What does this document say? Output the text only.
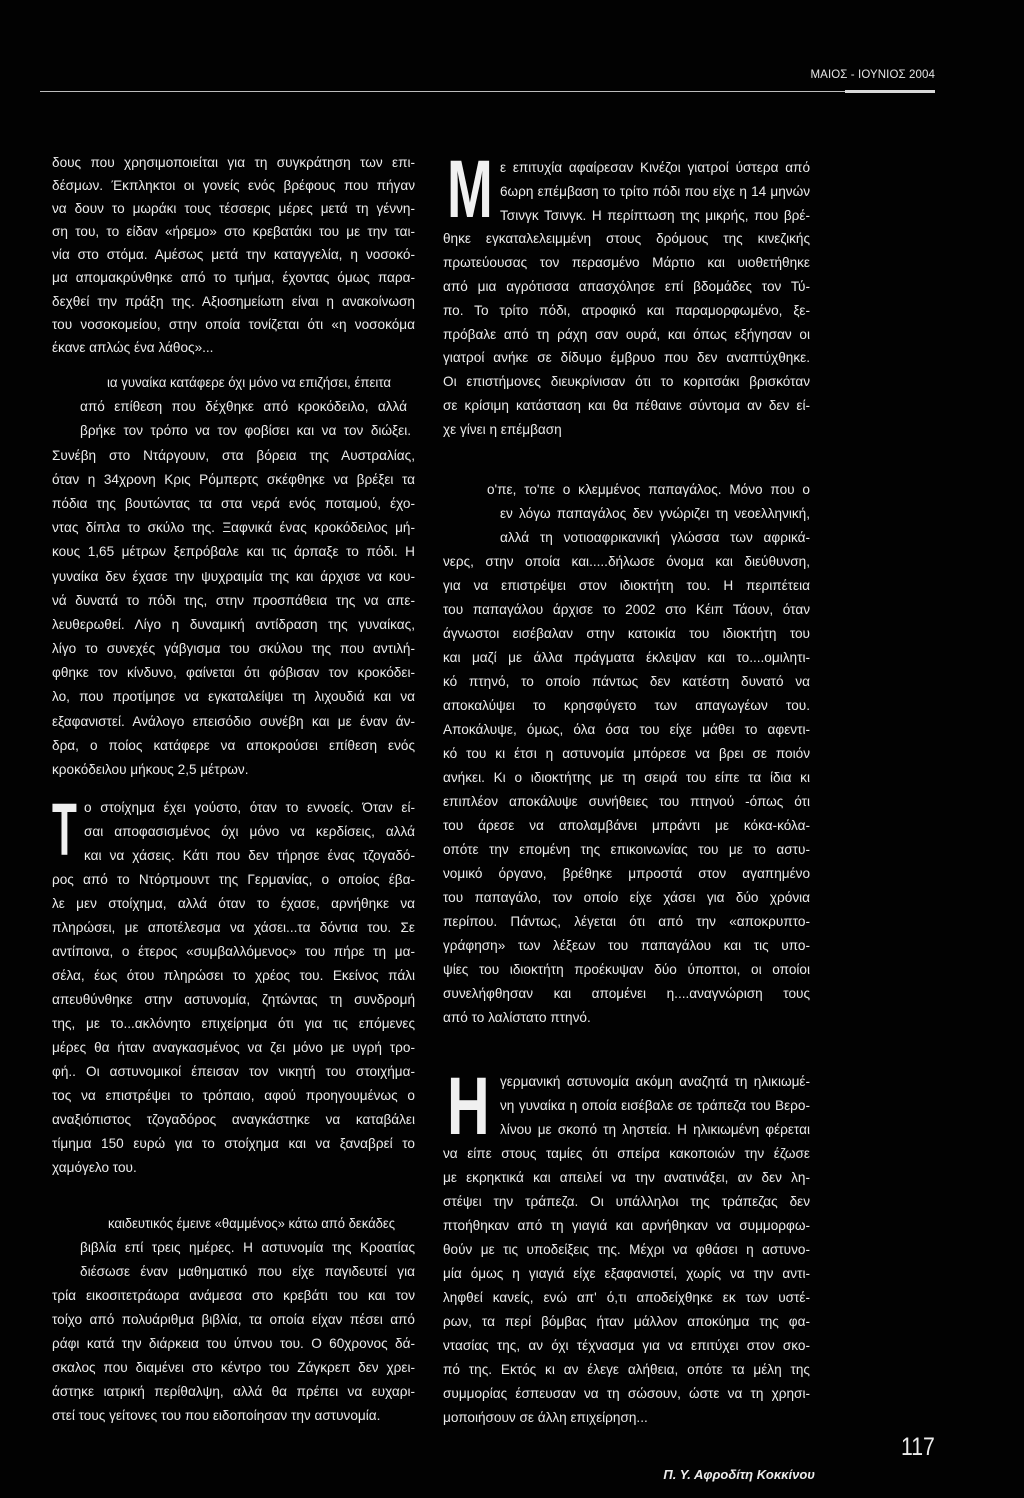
ΜΑΙΟΣ - ΙΟΥΝΙΟΣ 2004
δους που χρησιμοποιείται για τη συγκράτηση των επι-
δέσμων. Έκπληκτοι οι γονείς ενός βρέφους που πήγαν
να δουν το μωράκι τους τέσσερις μέρες μετά τη γέννη-
ση του, το είδαν «ήρεμο» στο κρεβατάκι του με την ται-
νία στο στόμα. Αμέσως μετά την καταγγελία, η νοσοκό-
μα απομακρύνθηκε από το τμήμα, έχοντας όμως παρα-
δεχθεί την πράξη της. Αξιοσημείωτη είναι η ανακοίνωση
του νοσοκομείου, στην οποία τονίζεται ότι «η νοσοκόμα
έκανε απλώς ένα λάθος»...
ια γυναίκα κατάφερε όχι μόνο να επιζήσει, έπειτα
από επίθεση που δέχθηκε από κροκόδειλο, αλλά
βρήκε τον τρόπο να τον φοβίσει και να τον διώξει.
Συνέβη στο Ντάργουιν, στα βόρεια της Αυστραλίας,
όταν η 34χρονη Κρις Ρόμπερτς σκέφθηκε να βρέξει τα
πόδια της βουτώντας τα στα νερά ενός ποταμού, έχο-
ντας δίπλα το σκύλο της. Ξαφνικά ένας κροκόδειλος μή-
κους 1,65 μέτρων ξεπρόβαλε και τις άρπαξε το πόδι. Η
γυναίκα δεν έχασε την ψυχραιμία της και άρχισε να κου-
νά δυνατά το πόδι της, στην προσπάθεια της να απε-
λευθερωθεί. Λίγο η δυναμική αντίδραση της γυναίκας,
λίγο το συνεχές γάβγισμα του σκύλου της που αντιλή-
φθηκε τον κίνδυνο, φαίνεται ότι φόβισαν τον κροκόδει-
λο, που προτίμησε να εγκαταλείψει τη λιχουδιά και να
εξαφανιστεί. Ανάλογο επεισόδιο συνέβη και με έναν άν-
δρα, ο ποίος κατάφερε να αποκρούσει επίθεση ενός
κροκόδειλου μήκους 2,5 μέτρων.
Τ ο στοίχημα έχει γούστο, όταν το εννοείς. Όταν εί-
σαι αποφασισμένος όχι μόνο να κερδίσεις, αλλά
και να χάσεις. Κάτι που δεν τήρησε ένας τζογαδό-
ρος από το Ντόρτμουντ της Γερμανίας, ο οποίος έβα-
λε μεν στοίχημα, αλλά όταν το έχασε, αρνήθηκε να
πληρώσει, με αποτέλεσμα να χάσει...τα δόντια του. Σε
αντίποινα, ο έτερος «συμβαλλόμενος» του πήρε τη μα-
σέλα, έως ότου πληρώσει το χρέος του. Εκείνος πάλι
απευθύνθηκε στην αστυνομία, ζητώντας τη συνδρομή
της, με το...ακλόνητο επιχείρημα ότι για τις επόμενες
μέρες θα ήταν αναγκασμένος να ζει μόνο με υγρή τρο-
φή.. Οι αστυνομικοί έπεισαν τον νικητή του στοιχήμα-
τος να επιστρέψει το τρόπαιο, αφού προηγουμένως ο
αναξιόπιστος τζογαδόρος αναγκάστηκε να καταβάλει
τίμημα 150 ευρώ για το στοίχημα και να ξαναβρεί το
χαμόγελο του.
καιδευτικός έμεινε «θαμμένος» κάτω από δεκάδες
βιβλία επί τρεις ημέρες. Η αστυνομία της Κροατίας
διέσωσε έναν μαθηματικό που είχε παγιδευτεί για
τρία εικοσιτετράωρα ανάμεσα στο κρεβάτι του και τον
τοίχο από πολυάριθμα βιβλία, τα οποία είχαν πέσει από
ράφι κατά την διάρκεια του ύπνου του. Ο 60χρονος δά-
σκαλος που διαμένει στο κέντρο του Ζάγκρεπ δεν χρει-
άστηκε ιατρική περίθαλψη, αλλά θα πρέπει να ευχαρι-
στεί τους γείτονες του που ειδοποίησαν την αστυνομία.
Μ ε επιτυχία αφαίρεσαν Κινέζοι γιατροί ύστερα από
6ωρη επέμβαση το τρίτο πόδι που είχε η 14 μηνών
Τσινγκ Τσινγκ. Η περίπτωση της μικρής, που βρέ-
θηκε εγκαταλελειμμένη στους δρόμους της κινεζικής
πρωτεύουσας τον περασμένο Μάρτιο και υιοθετήθηκε
από μια αγρότισσα απασχόλησε επί βδομάδες τον Τύ-
πο. Το τρίτο πόδι, ατροφικό και παραμορφωμένο, ξε-
πρόβαλε από τη ράχη σαν ουρά, και όπως εξήγησαν οι
γιατροί ανήκε σε δίδυμο έμβρυο που δεν αναπτύχθηκε.
Οι επιστήμονες διευκρίνισαν ότι το κοριτσάκι βρισκόταν
σε κρίσιμη κατάσταση και θα πέθαινε σύντομα αν δεν εί-
χε γίνει η επέμβαση
ο'πε, το'πε ο κλεμμένος παπαγάλος. Μόνο που ο
εν λόγω παπαγάλος δεν γνώριζει τη νεοελληνική,
αλλά τη νοτιοαφρικανική γλώσσα των αφρικά-
νερς, στην οποία και.....δήλωσε όνομα και διεύθυνση,
για να επιστρέψει στον ιδιοκτήτη του. Η περιπέτεια
του παπαγάλου άρχισε το 2002 στο Κέιπ Τάουν, όταν
άγνωστοι εισέβαλαν στην κατοικία του ιδιοκτήτη του
και μαζί με άλλα πράγματα έκλεψαν και το....ομιλητι-
κό πτηνό, το οποίο πάντως δεν κατέστη δυνατό να
αποκαλύψει το κρησφύγετο των απαγωγέων του.
Αποκάλυψε, όμως, όλα όσα του είχε μάθει το αφεντι-
κό του κι έτσι η αστυνομία μπόρεσε να βρει σε ποιόν
ανήκει. Κι ο ιδιοκτήτης με τη σειρά του είπε τα ίδια κι
επιπλέον αποκάλυψε συνήθειες του πτηνού -όπως ότι
του άρεσε να απολαμβάνει μπράντι με κόκα-κόλα-
οπότε την επομένη της επικοινωνίας του με το αστυ-
νομικό όργανο, βρέθηκε μπροστά στον αγαπημένο
του παπαγάλο, τον οποίο είχε χάσει για δύο χρόνια
περίπου. Πάντως, λέγεται ότι από την «αποκρυπτο-
γράφηση» των λέξεων του παπαγάλου και τις υπο-
ψίες του ιδιοκτήτη προέκυψαν δύο ύποπτοι, οι οποίοι
συνελήφθησαν και απομένει η....αναγνώριση τους
από το λαλίστατο πτηνό.
Η γερμανική αστυνομία ακόμη αναζητά τη ηλικιωμέ-
νη γυναίκα η οποία εισέβαλε σε τράπεζα του Βερο-
λίνου με σκοπό τη ληστεία. Η ηλικιωμένη φέρεται
να είπε στους ταμίες ότι σπείρα κακοποιών την έζωσε
με εκρηκτικά και απειλεί να την ανατινάξει, αν δεν λη-
στέψει την τράπεζα. Οι υπάλληλοι της τράπεζας δεν
πτοήθηκαν από τη γιαγιά και αρνήθηκαν να συμμορφω-
θούν με τις υποδείξεις της. Μέχρι να φθάσει η αστυνο-
μία όμως η γιαγιά είχε εξαφανιστεί, χωρίς να την αντι-
ληφθεί κανείς, ενώ απ' ό,τι αποδείχθηκε εκ των υστέ-
ρων, τα περί βόμβας ήταν μάλλον αποκύημα της φα-
ντασίας της, αν όχι τέχνασμα για να επιτύχει στον σκο-
πό της. Εκτός κι αν έλεγε αλήθεια, οπότε τα μέλη της
συμμορίας έσπευσαν να τη σώσουν, ώστε να τη χρησι-
μοποιήσουν σε άλλη επιχείρηση...
117
Π. Υ. Αφροδίτη Κοκκίνου
